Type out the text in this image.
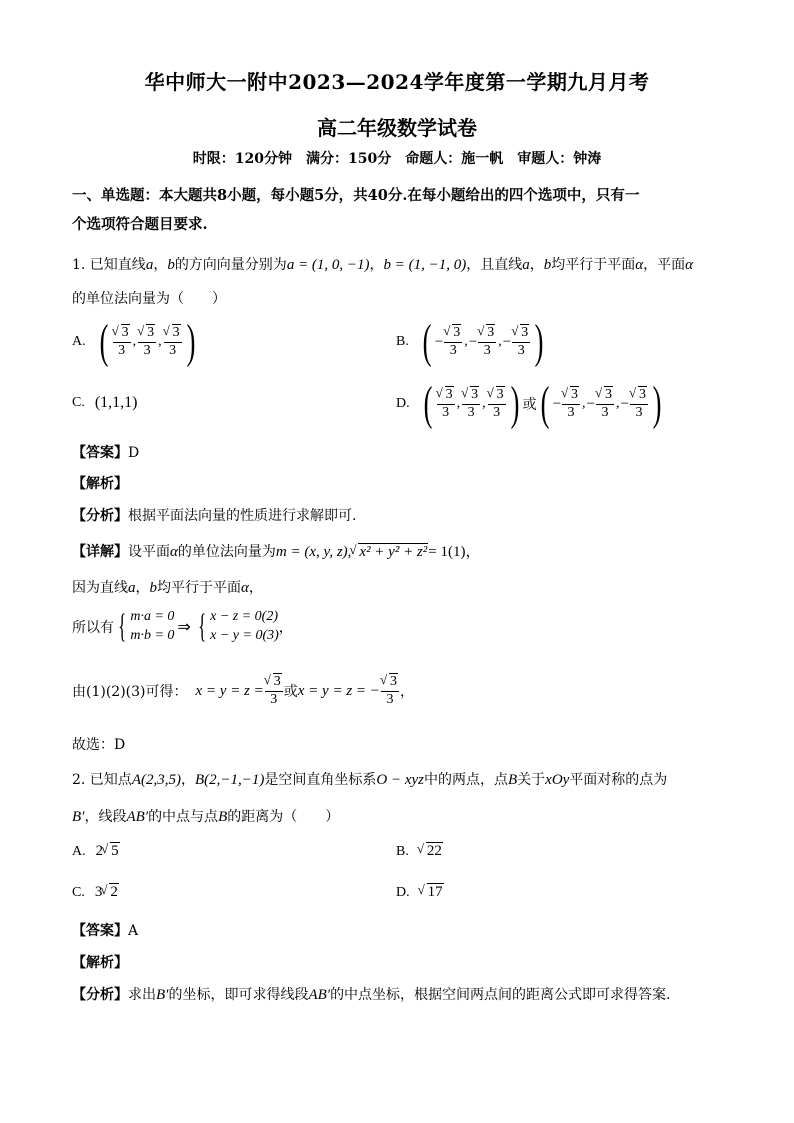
华中师大一附中2023—2024学年度第一学期九月月考
高二年级数学试卷
时限：120分钟　满分：150分　命题人：施一帆　审题人：钟涛
一、单选题：本大题共8小题，每小题5分，共40分.在每小题给出的四个选项中，只有一
个选项符合题目要求.
1. 已知直线a，b的方向向量分别为a = (1, 0, −1)，b = (1, −1, 0)，且直线a，b均平行于平面α，平面α
的单位法向量为（　　）
A. ( √ 3
3
,
√ 3
3
,
√ 3
3 )	B. ( − √ $\frac{3}{3}$ , − √ $\frac{3}{3}$ , − √ $\frac{3}{3}$ )
C. (1,1,1)	D. ( √ 3
3
,
√ 3
3
,
√ 3
3 ) 或 ( − √ $\frac{3}{3}$ , − √ $\frac{3}{3}$ , − √ $\frac{3}{3}$ )
【答案】D
【解析】
【分析】根据平面法向量的性质进行求解即可.
【详解】设平面α的单位法向量为m = (x, y, z), √ x² + y² + z²= 1(1)，
因为直线a，b均平行于平面α，
所以有 { m·a = 0
m·b = 0 ⇒ { x − z = 0(2)
x − y = 0(3) ，
由(1)(2)(3)可得： x = y = z = √ $\frac{3}{3}$ 或 x = y = z = − √ $\frac{3}{3}$ ，
故选：D
2. 已知点A(2,3,5)，B(2,−1,−1)是空间直角坐标系O − xyz中的两点，点B关于xOy平面对称的点为
B′，线段AB′的中点与点B的距离为（　　）
A. 2 √ 5	B.	√ 22
C. 3 √ 2	D.	√ 17
【答案】A
【解析】
【分析】求出B′的坐标，即可求得线段AB′的中点坐标，根据空间两点间的距离公式即可求得答案.
